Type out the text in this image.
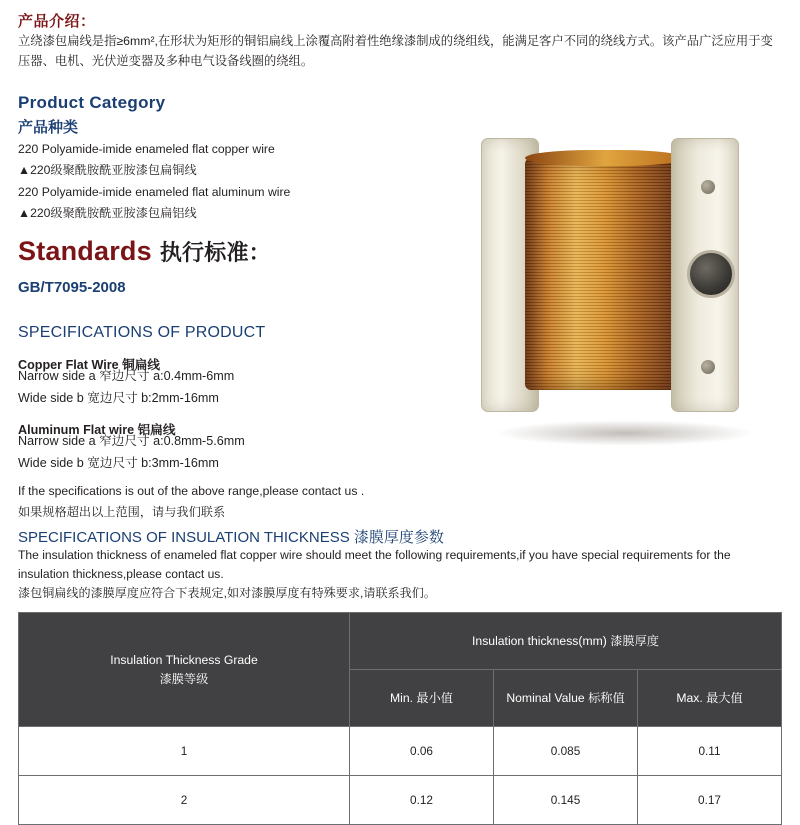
产品介绍：
立绕漆包扁线是指≥6mm²,在形状为矩形的铜铝扁线上涂覆高附着性绝缘漆制成的绕组线，能满足客户不同的绕线方式。该产品广泛应用于变压器、电机、光伏逆变器及多种电气设备线圈的绕组。
Product Category
产品种类
220 Polyamide-imide enameled flat copper wire
▲220级聚酰胺酰亚胺漆包扁铜线
220 Polyamide-imide enameled flat aluminum wire
▲220级聚酰胺酰亚胺漆包扁铝线
Standards 执行标准：
GB/T7095-2008
SPECIFICATIONS OF PRODUCT
Copper Flat Wire 铜扁线
Narrow side a 窄边尺寸 a:0.4mm-6mm
Wide side b 宽边尺寸 b:2mm-16mm
Aluminum Flat wire 铝扁线
Narrow side a 窄边尺寸 a:0.8mm-5.6mm
Wide side b 宽边尺寸 b:3mm-16mm
If the specifications is out of the above range,please contact us .
如果规格超出以上范围，请与我们联系
SPECIFICATIONS OF INSULATION THICKNESS 漆膜厚度参数
The insulation thickness of enameled flat copper wire should meet the following requirements,if you have special requirements for the insulation thickness,please contact us.
漆包铜扁线的漆膜厚度应符合下表规定,如对漆膜厚度有特殊要求,请联系我们。
Insulation Thickness Grade
漆膜等级	Insulation thickness(mm) 漆膜厚度		
	Min. 最小值	Nominal Value 标称值	Max. 最大值
1	0.06	0.085	0.11
2	0.12	0.145	0.17
